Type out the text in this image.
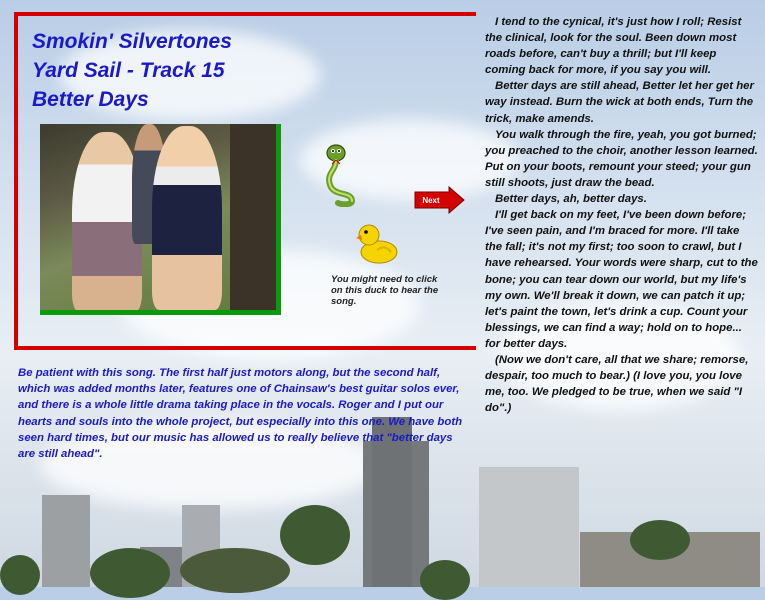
Smokin' Silvertones
Yard Sail - Track 15
Better Days
Next
You might need to click on this duck to hear the song.

I tend to the cynical, it's just how I roll; Resist the clinical, look for the soul. Been down most roads before, can't buy a thrill; but I'll keep coming back for more, if you say you will.

Better days are still ahead, Better let her get her way instead. Burn the wick at both ends, Turn the trick, make amends.

You walk through the fire, yeah, you got burned; you preached to the choir, another lesson learned. Put on your boots, remount your steed; your gun still shoots, just draw the bead.

Better days, ah, better days.

I'll get back on my feet, I've been down before; I've seen pain, and I'm braced for more. I'll take the fall; it's not my first; too soon to crawl, but I have rehearsed. Your words were sharp, cut to the bone; you can tear down our world, but my life's my own. We'll break it down, we can patch it up; let's paint the town, let's drink a cup. Count your blessings, we can find a way; hold on to hope... for better days.

(Now we don't care, all that we share; remorse, despair, too much to bear.) (I love you, you love me, too. We pledged to be true, when we said "I do".)

Be patient with this song. The first half just motors along, but the second half, which was added months later, features one of Chainsaw's best guitar solos ever, and there is a whole little drama taking place in the vocals. Roger and I put our hearts and souls into the whole project, but especially into this one. We have both seen hard times, but our music has allowed us to really believe that "better days are still ahead".
